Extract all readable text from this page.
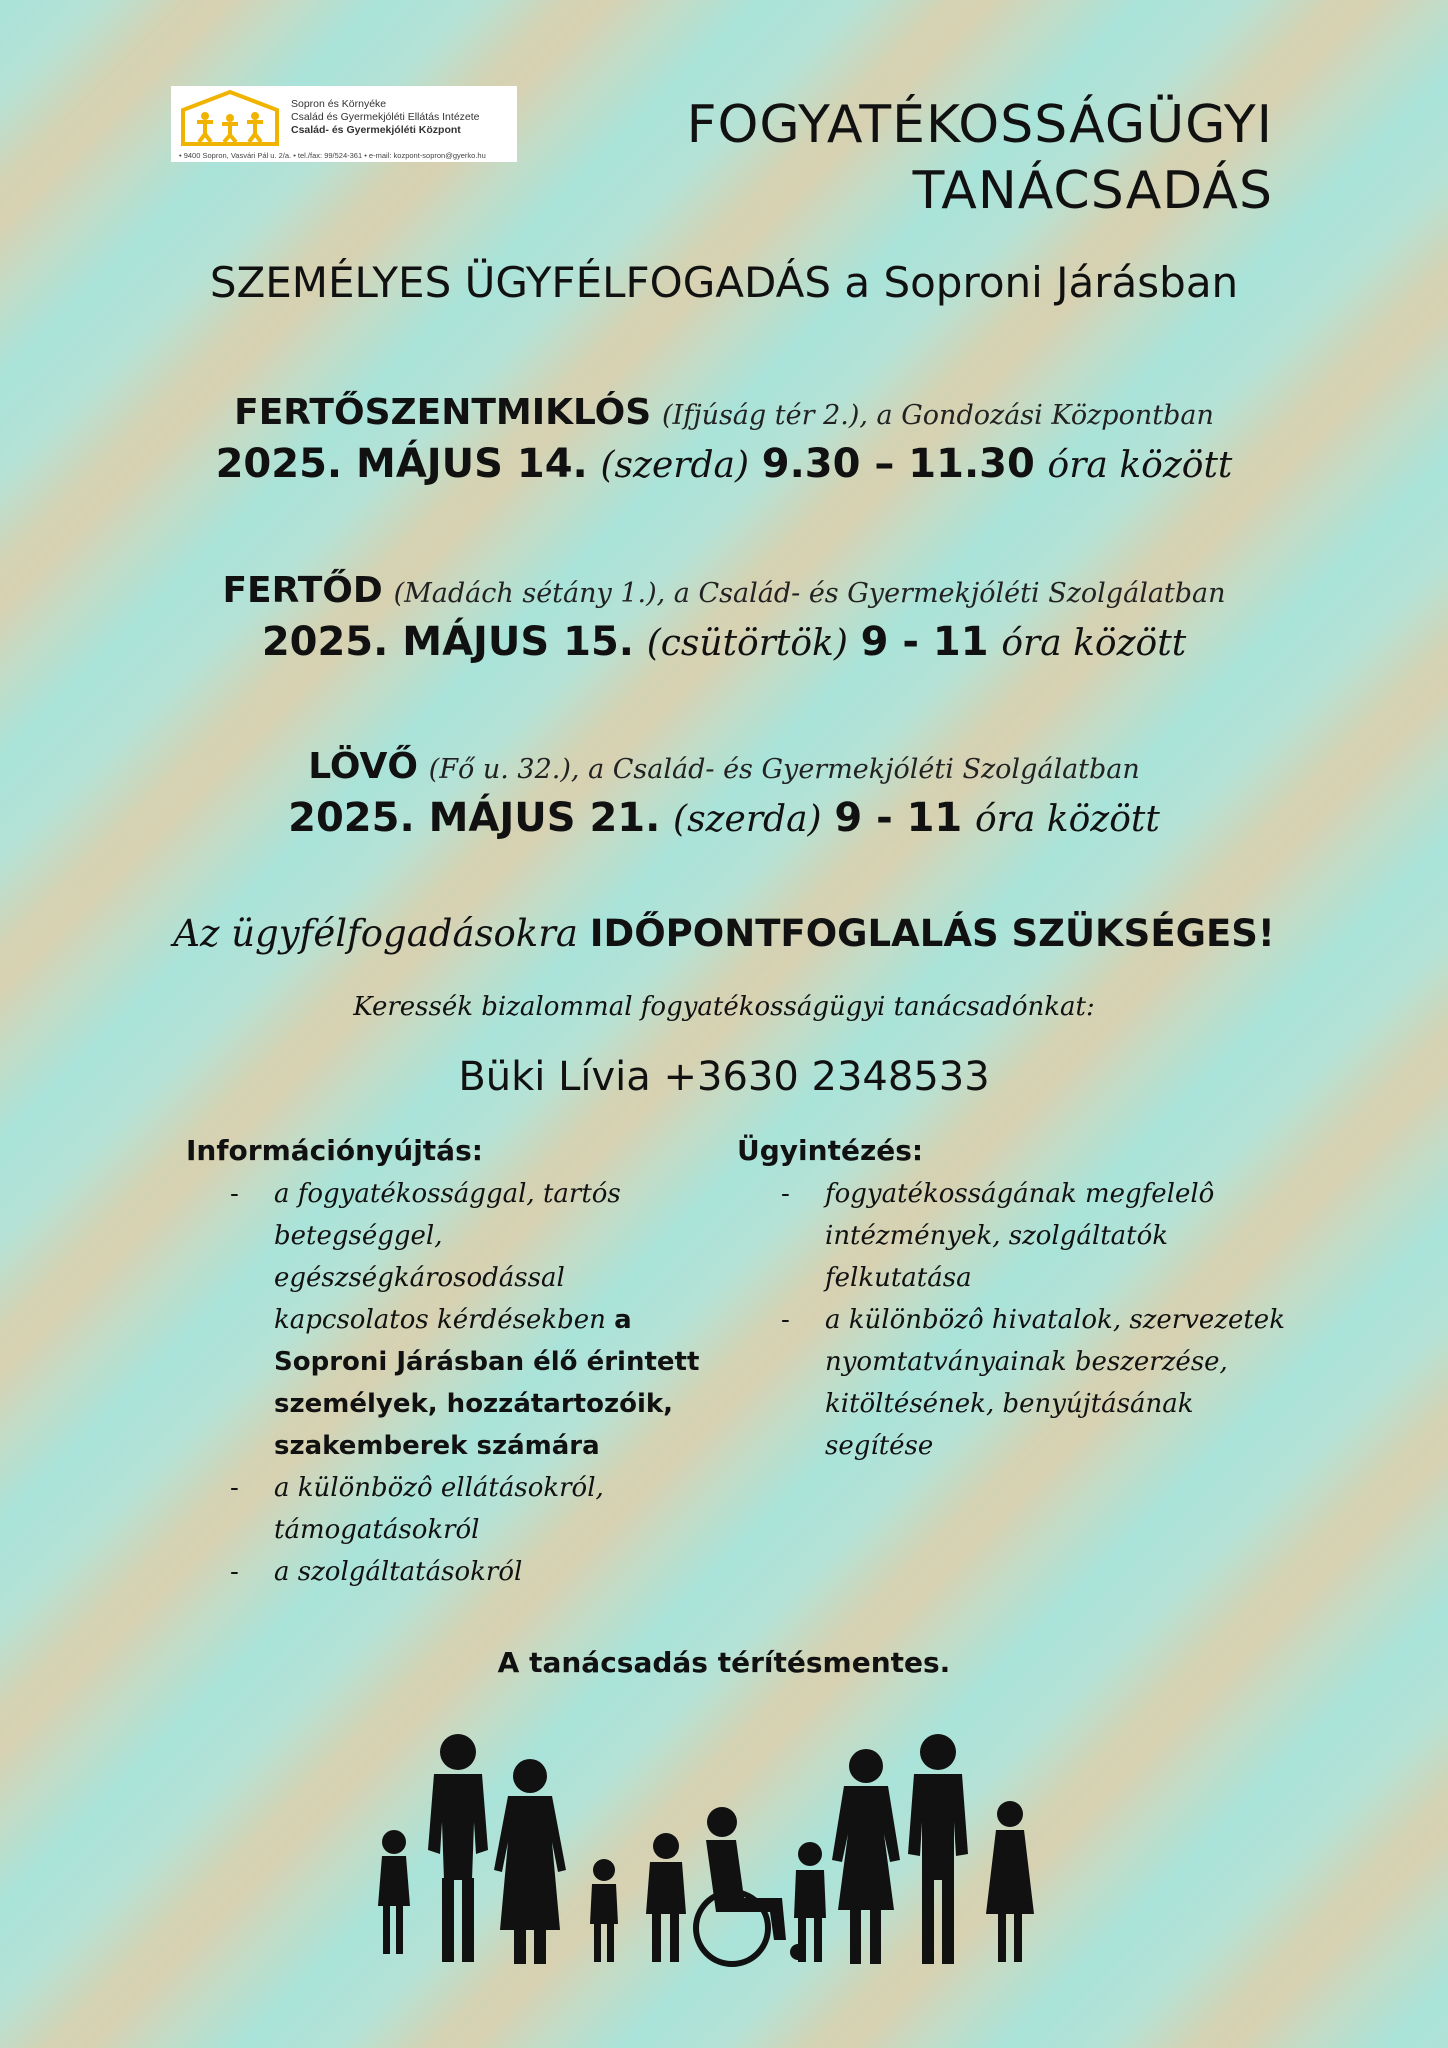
Sopron és Környéke
Család és Gyermekjóléti Ellátás Intézete
Család- és Gyermekjóléti Központ
• 9400 Sopron, Vasvári Pál u. 2/a. • tel./fax: 99/524-361 • e-mail: kozpont-sopron@gyerko.hu
FOGYATÉKOSSÁGÜGYI
TANÁCSADÁS
SZEMÉLYES ÜGYFÉLFOGADÁS a Soproni Járásban
FERTŐSZENTMIKLÓS (Ifjúság tér 2.), a Gondozási Központban
2025. MÁJUS 14. (szerda) 9.30 – 11.30 óra között
FERTŐD (Madách sétány 1.), a Család- és Gyermekjóléti Szolgálatban
2025. MÁJUS 15. (csütörtök) 9 - 11 óra között
LÖVŐ (Fő u. 32.), a Család- és Gyermekjóléti Szolgálatban
2025. MÁJUS 21. (szerda) 9 - 11 óra között
Az ügyfélfogadásokra IDŐPONTFOGLALÁS SZÜKSÉGES!
Keressék bizalommal fogyatékosságügyi tanácsadónkat:
Büki Lívia +3630 2348533
Információnyújtás:
- a fogyatékossággal, tartós betegséggel, egészségkárosodással kapcsolatos kérdésekben a Soproni Járásban élő érintett személyek, hozzátartozóik, szakemberek számára
- a különbözô ellátásokról, támogatásokról
- a szolgáltatásokról
Ügyintézés:
- fogyatékosságának megfelelô intézmények, szolgáltatók felkutatása
- a különbözô hivatalok, szervezetek nyomtatványainak beszerzése, kitöltésének, benyújtásának segítése
A tanácsadás térítésmentes.
